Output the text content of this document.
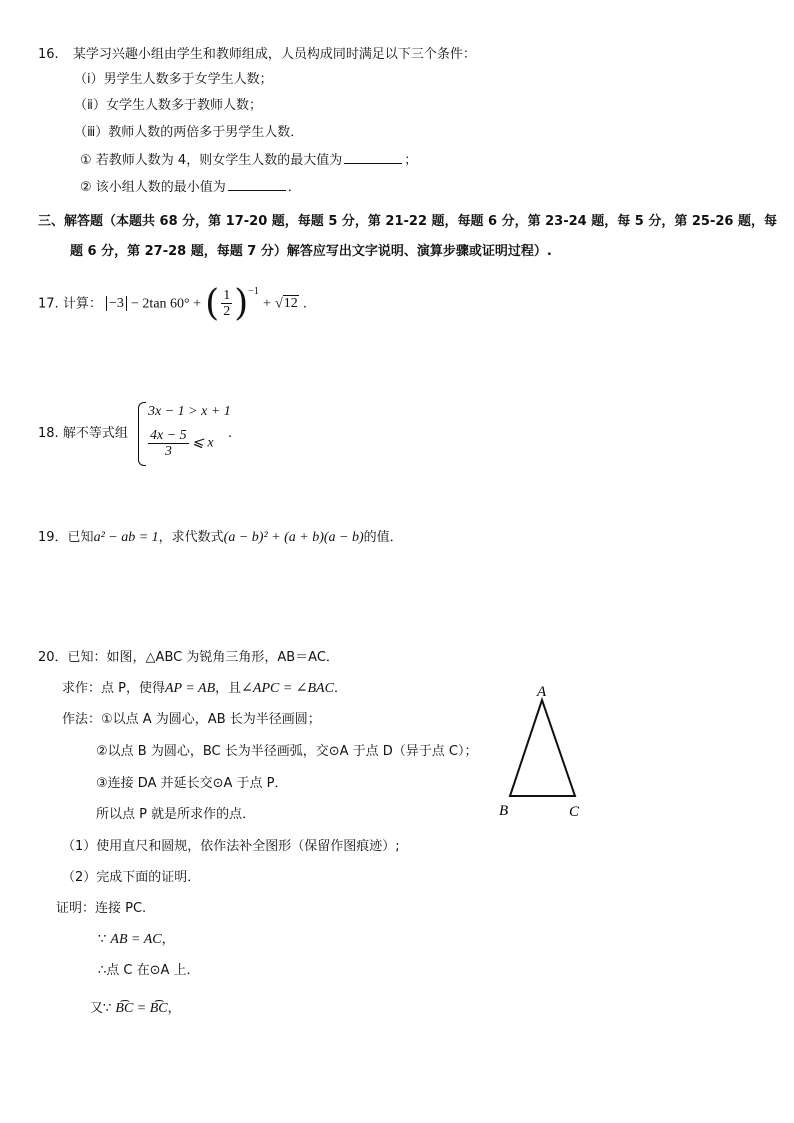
16. 某学习兴趣小组由学生和教师组成，人员构成同时满足以下三个条件：
（ⅰ）男学生人数多于女学生人数；
（ⅱ）女学生人数多于教师人数；
（ⅲ）教师人数的两倍多于男学生人数．
① 若教师人数为 4，则女学生人数的最大值为	；
② 该小组人数的最小值为	．
三、解答题（本题共 68 分，第 17-20 题，每题 5 分，第 21-22 题，每题 6 分，第 23-24 题，每 5 分，第 25-26 题，每
题 6 分，第 27-28 题，每题 7 分）解答应写出文字说明、演算步骤或证明过程）.
17. 计算： −3 − 2tan 60° + ( $\frac{1}{2} )^{-1} + √12$ .
18. 解不等式组
3x − 1 > x + 1
$\frac{4x - 5}{3}$ ⩽ x
.
19．已知a² − ab = 1，求代数式(a − b)² + (a + b)(a − b)的值．
20．已知：如图，△ABC 为锐角三角形，AB＝AC．
求作：点 P，使得AP = AB，且∠APC = ∠BAC．
作法：①以点 A 为圆心，AB 长为半径画圆；
②以点 B 为圆心，BC 长为半径画弧，交⊙A 于点 D（异于点 C）；
③连接 DA 并延长交⊙A 于点 P．
所以点 P 就是所求作的点．
（1）使用直尺和圆规，依作法补全图形（保留作图痕迹）;
（2）完成下面的证明．
证明：连接 PC.
∵ AB = AC，
∴点 C 在⊙A 上．
又∵ B͡C = B͡C，
A
B	C
